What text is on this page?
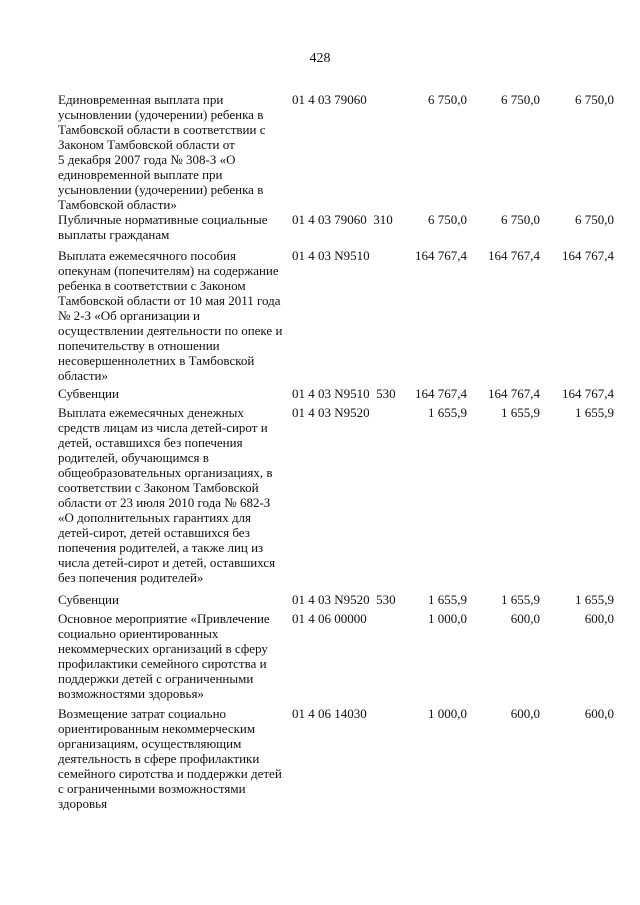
428
Единовременная выплата при
усыновлении (удочерении) ребенка в
Тамбовской области в соответствии с
Законом Тамбовской области от
5 декабря 2007 года № 308-З «О
единовременной выплате при
усыновлении (удочерении) ребенка в
Тамбовской области»
01 4 03 79060	6 750,0	6 750,0	6 750,0
Публичные нормативные социальные
выплаты гражданам
01 4 03 79060  310	6 750,0	6 750,0	6 750,0
Выплата ежемесячного пособия
опекунам (попечителям) на содержание
ребенка в соответствии с Законом
Тамбовской области от 10 мая 2011 года
№ 2-З «Об организации и
осуществлении деятельности по опеке и
попечительству в отношении
несовершеннолетних в Тамбовской
области»
01 4 03 N9510	164 767,4	164 767,4	164 767,4
Субвенции	01 4 03 N9510  530	164 767,4	164 767,4	164 767,4
Выплата ежемесячных денежных
средств лицам из числа детей-сирот и
детей, оставшихся без попечения
родителей, обучающимся в
общеобразовательных организациях, в
соответствии с Законом Тамбовской
области от 23 июля 2010 года № 682-З
«О дополнительных гарантиях для
детей-сирот, детей оставшихся без
попечения родителей, а также лиц из
числа детей-сирот и детей, оставшихся
без попечения родителей»
01 4 03 N9520	1 655,9	1 655,9	1 655,9
Субвенции	01 4 03 N9520  530	1 655,9	1 655,9	1 655,9
Основное мероприятие «Привлечение
социально ориентированных
некоммерческих организаций в сферу
профилактики семейного сиротства и
поддержки детей с ограниченными
возможностями здоровья»
01 4 06 00000	1 000,0	600,0	600,0
Возмещение затрат социально
ориентированным некоммерческим
организациям, осуществляющим
деятельность в сфере профилактики
семейного сиротства и поддержки детей
с ограниченными возможностями
здоровья
01 4 06 14030	1 000,0	600,0	600,0
